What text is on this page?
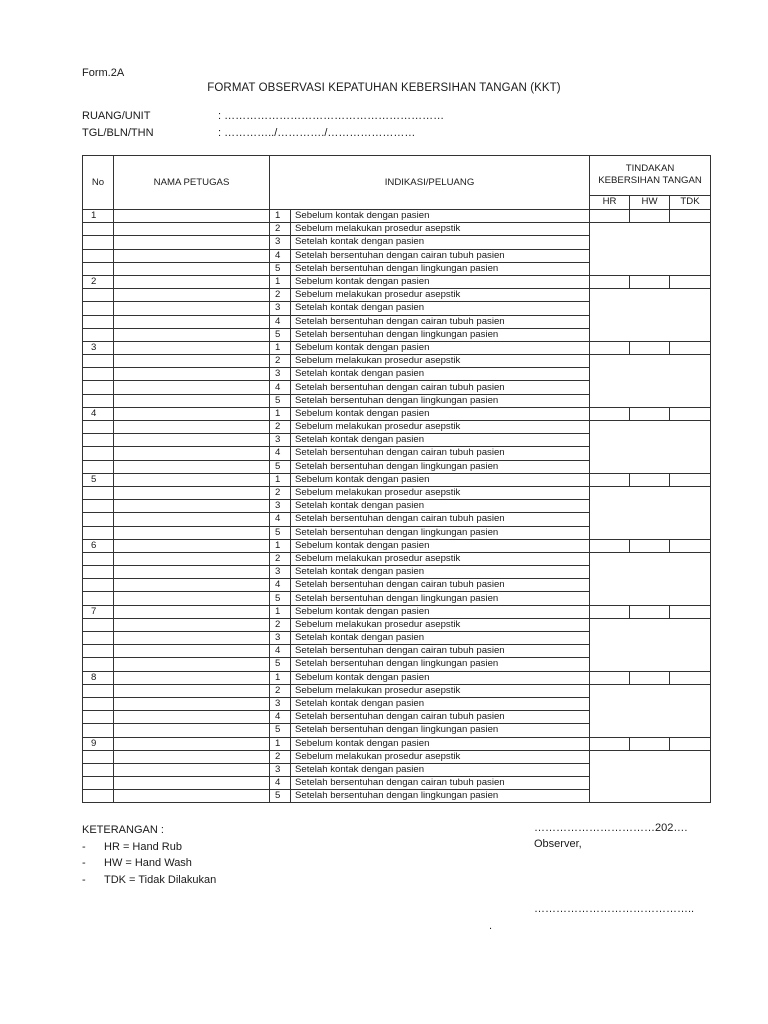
Form.2A
FORMAT OBSERVASI KEPATUHAN KEBERSIHAN TANGAN (KKT)
RUANG/UNIT	: ……………………………………………………
TGL/BLN/THN	: …………../…………./……………………
No	NAMA PETUGAS	INDIKASI/PELUANG		TINDAKAN KEBERSIHAN TANGAN		
				HR	HW	TDK
1		1	Sebelum kontak dengan pasien			
		2	Sebelum melakukan prosedur asepstik			
		3	Setelah kontak dengan pasien			
		4	Setelah bersentuhan dengan cairan tubuh pasien			
		5	Setelah bersentuhan dengan lingkungan pasien			
2		1	Sebelum kontak dengan pasien			
		2	Sebelum melakukan prosedur asepstik			
		3	Setelah kontak dengan pasien			
		4	Setelah bersentuhan dengan cairan tubuh pasien			
		5	Setelah bersentuhan dengan lingkungan pasien			
3		1	Sebelum kontak dengan pasien			
		2	Sebelum melakukan prosedur asepstik			
		3	Setelah kontak dengan pasien			
		4	Setelah bersentuhan dengan cairan tubuh pasien			
		5	Setelah bersentuhan dengan lingkungan pasien			
4		1	Sebelum kontak dengan pasien			
		2	Sebelum melakukan prosedur asepstik			
		3	Setelah kontak dengan pasien			
		4	Setelah bersentuhan dengan cairan tubuh pasien			
		5	Setelah bersentuhan dengan lingkungan pasien			
5		1	Sebelum kontak dengan pasien			
		2	Sebelum melakukan prosedur asepstik			
		3	Setelah kontak dengan pasien			
		4	Setelah bersentuhan dengan cairan tubuh pasien			
		5	Setelah bersentuhan dengan lingkungan pasien			
6		1	Sebelum kontak dengan pasien			
		2	Sebelum melakukan prosedur asepstik			
		3	Setelah kontak dengan pasien			
		4	Setelah bersentuhan dengan cairan tubuh pasien			
		5	Setelah bersentuhan dengan lingkungan pasien			
7		1	Sebelum kontak dengan pasien			
		2	Sebelum melakukan prosedur asepstik			
		3	Setelah kontak dengan pasien			
		4	Setelah bersentuhan dengan cairan tubuh pasien			
		5	Setelah bersentuhan dengan lingkungan pasien			
8		1	Sebelum kontak dengan pasien			
		2	Sebelum melakukan prosedur asepstik			
		3	Setelah kontak dengan pasien			
		4	Setelah bersentuhan dengan cairan tubuh pasien			
		5	Setelah bersentuhan dengan lingkungan pasien			
9		1	Sebelum kontak dengan pasien			
		2	Sebelum melakukan prosedur asepstik			
		3	Setelah kontak dengan pasien			
		4	Setelah bersentuhan dengan cairan tubuh pasien			
		5	Setelah bersentuhan dengan lingkungan pasien			
KETERANGAN :
- HR = Hand Rub
- HW = Hand Wash
- TDK = Tidak Dilakukan
……………………………202….
Observer,
……………………………………..
.
